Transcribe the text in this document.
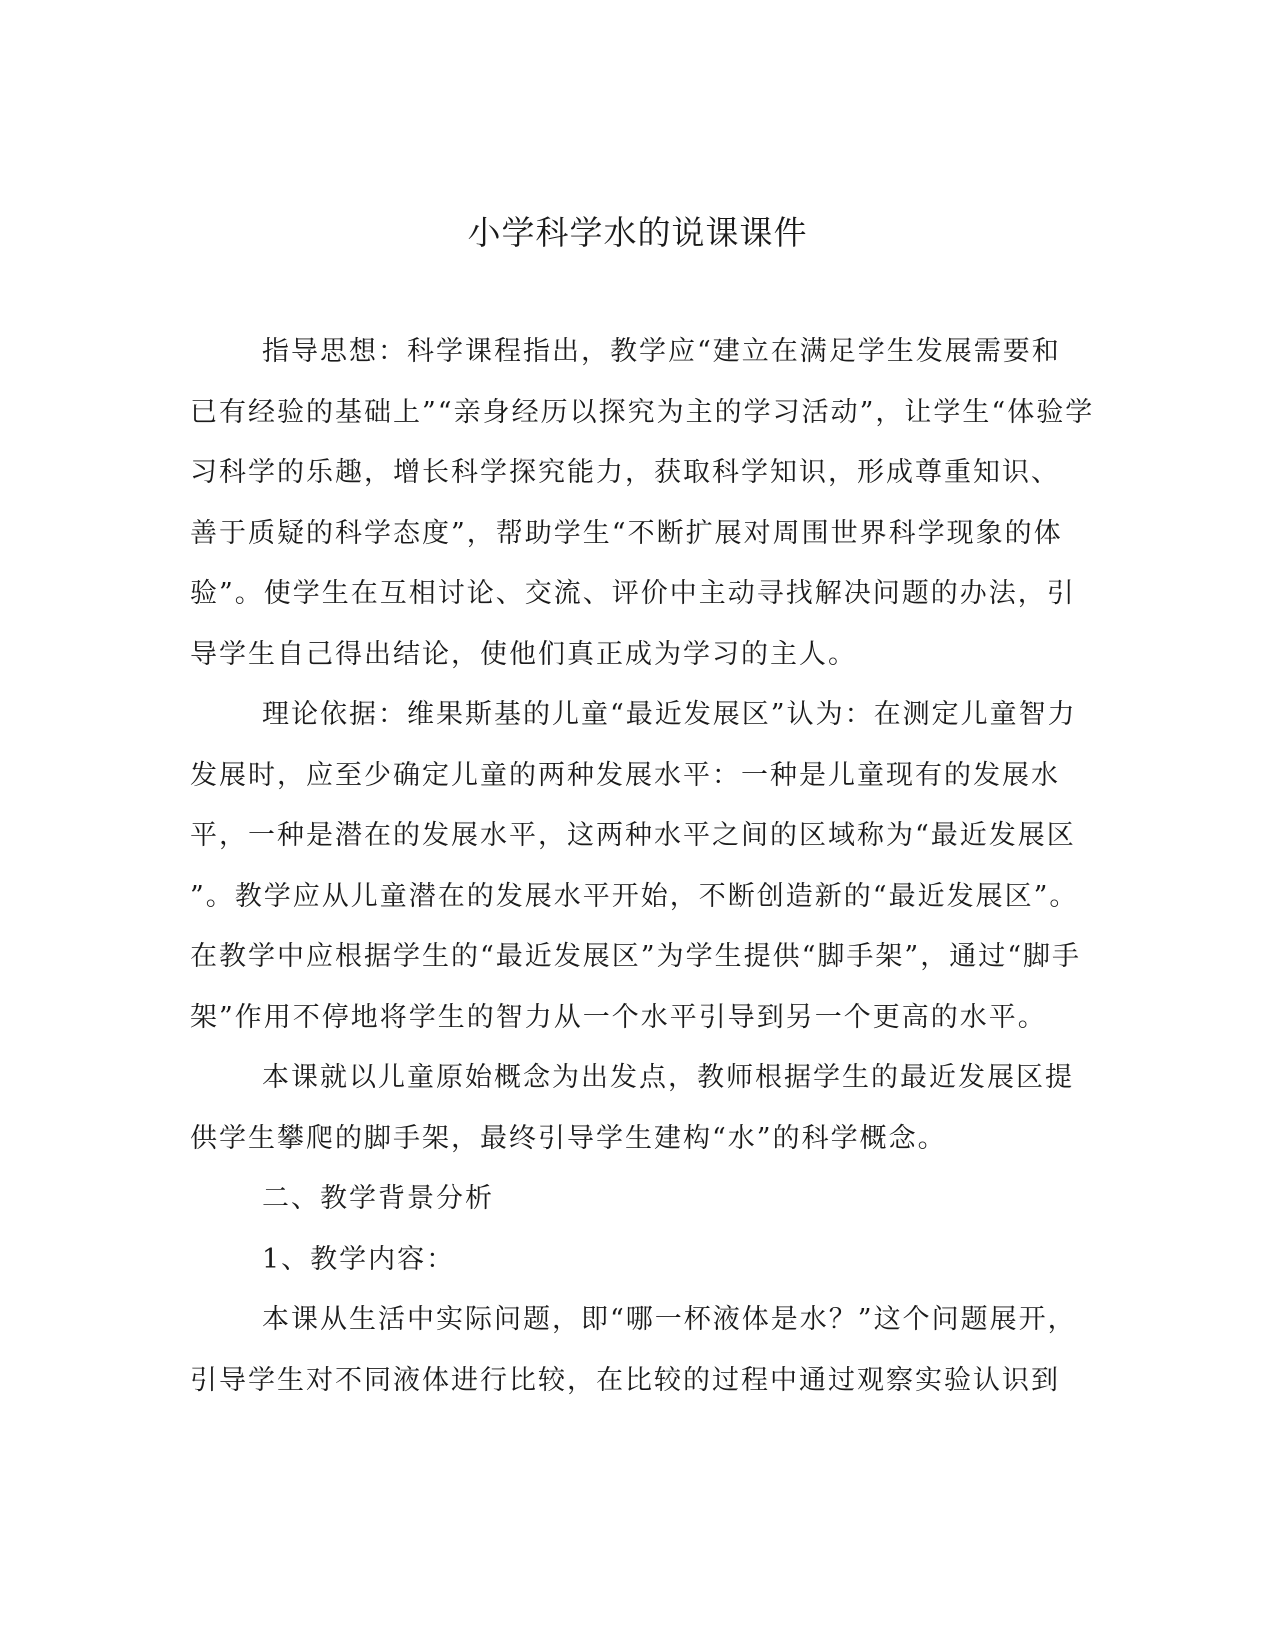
小学科学水的说课课件
指导思想：科学课程指出，教学应“建立在满足学生发展需要和
已有经验的基础上”“亲身经历以探究为主的学习活动”，让学生“体验学
习科学的乐趣，增长科学探究能力，获取科学知识，形成尊重知识、
善于质疑的科学态度”，帮助学生“不断扩展对周围世界科学现象的体
验”。使学生在互相讨论、交流、评价中主动寻找解决问题的办法，引
导学生自己得出结论，使他们真正成为学习的主人。
理论依据：维果斯基的儿童“最近发展区”认为：在测定儿童智力
发展时，应至少确定儿童的两种发展水平：一种是儿童现有的发展水
平，一种是潜在的发展水平，这两种水平之间的区域称为“最近发展区
”。教学应从儿童潜在的发展水平开始，不断创造新的“最近发展区”。
在教学中应根据学生的“最近发展区”为学生提供“脚手架”，通过“脚手
架”作用不停地将学生的智力从一个水平引导到另一个更高的水平。
本课就以儿童原始概念为出发点，教师根据学生的最近发展区提
供学生攀爬的脚手架，最终引导学生建构“水”的科学概念。
二、教学背景分析
1、教学内容：
本课从生活中实际问题，即“哪一杯液体是水？”这个问题展开，
引导学生对不同液体进行比较，在比较的过程中通过观察实验认识到
